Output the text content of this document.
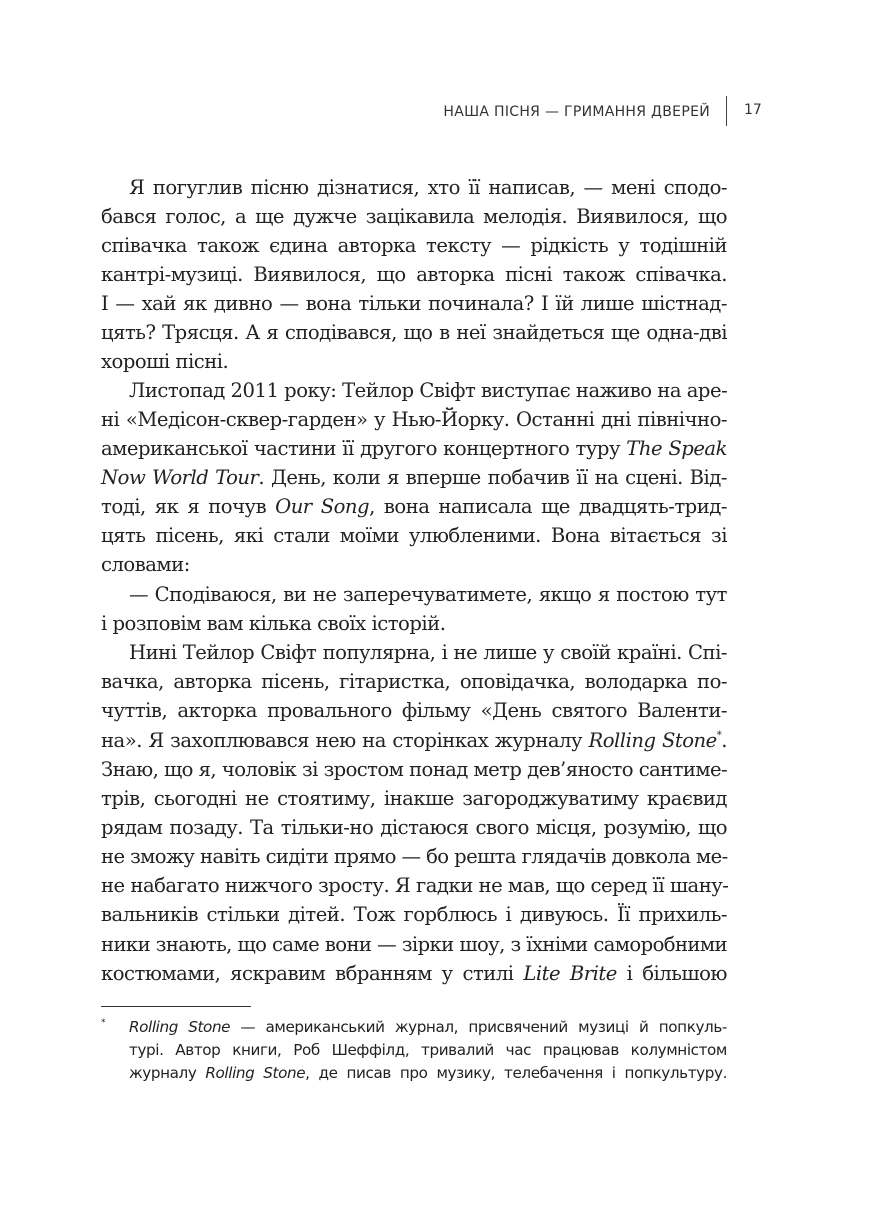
НАША ПІСНЯ — ГРИМАННЯ ДВЕРЕЙ 17
Я погуглив пісню дізнатися, хто її написав, — мені сподо-
бався голос, а ще дужче зацікавила мелодія. Виявилося, що
співачка також єдина авторка тексту — рідкість у тодішній
кантрі-музиці. Виявилося, що авторка пісні також співачка.
І — хай як дивно — вона тільки починала? І їй лише шістнад-
цять? Трясця. А я сподівався, що в неї знайдеться ще одна-дві
хороші пісні.
Листопад 2011 року: Тейлор Свіфт виступає наживо на аре-
ні «Медісон-сквер-гарден» у Нью-Йорку. Останні дні північно-
американської частини її другого концертного туру The Speak
Now World Tour. День, коли я вперше побачив її на сцені. Від-
тоді, як я почув Our Song, вона написала ще двадцять-трид-
цять пісень, які стали моїми улюбленими. Вона вітається зі
словами:
— Сподіваюся, ви не заперечуватимете, якщо я постою тут
і розповім вам кілька своїх історій.
Нині Тейлор Свіфт популярна, і не лише у своїй країні. Спі-
вачка, авторка пісень, гітаристка, оповідачка, володарка по-
чуттів, акторка провального фільму «День святого Валенти-
на». Я захоплювався нею на сторінках журналу Rolling Stone*.
Знаю, що я, чоловік зі зростом понад метр дев’яносто сантиме-
трів, сьогодні не стоятиму, інакше загороджуватиму краєвид
рядам позаду. Та тільки-но дістаюся свого місця, розумію, що
не зможу навіть сидіти прямо — бо решта глядачів довкола ме-
не набагато нижчого зросту. Я гадки не мав, що серед її шану-
вальників стільки дітей. Тож горблюсь і дивуюсь. Її прихиль-
ники знають, що саме вони — зірки шоу, з їхніми саморобними
костюмами, яскравим вбранням у стилі Lite Brite і більшою
* Rolling Stone — американський журнал, присвячений музиці й попкуль-
турі. Автор книги, Роб Шеффілд, тривалий час працював колумністом
журналу Rolling Stone, де писав про музику, телебачення і попкультуру.
